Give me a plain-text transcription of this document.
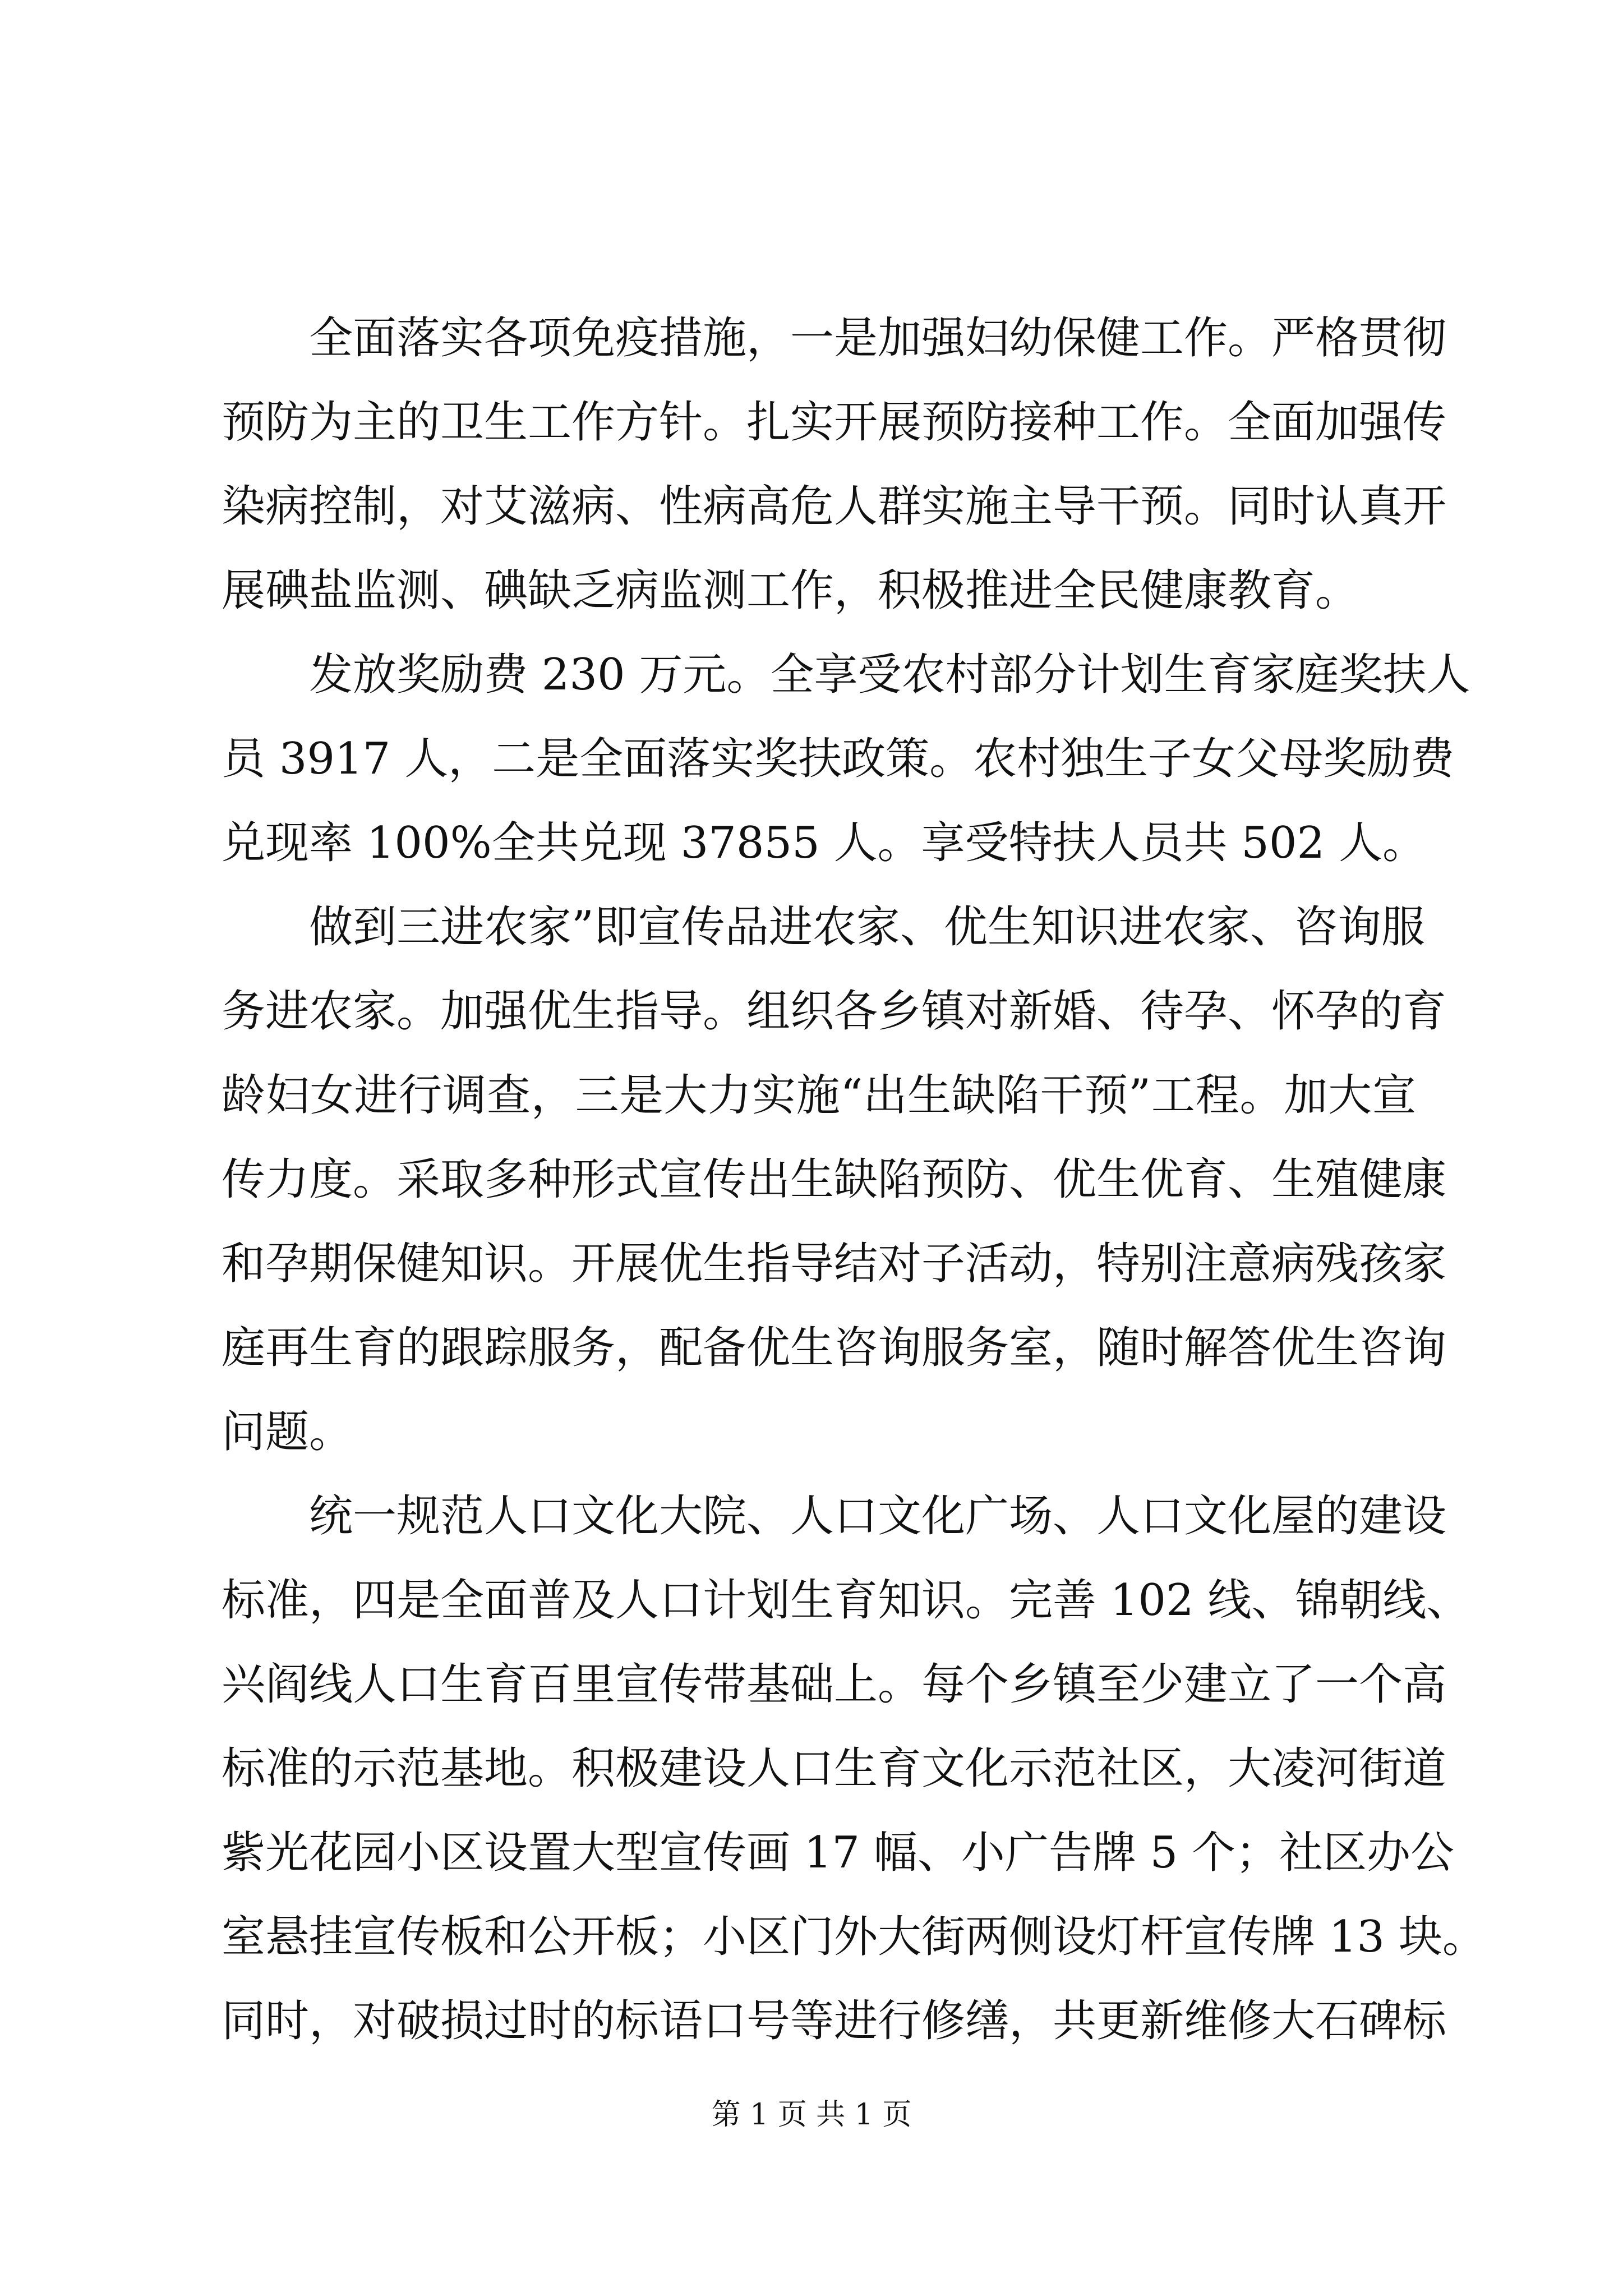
全面落实各项免疫措施，一是加强妇幼保健工作。严格贯彻
预防为主的卫生工作方针。扎实开展预防接种工作。全面加强传
染病控制，对艾滋病、性病高危人群实施主导干预。同时认真开
展碘盐监测、碘缺乏病监测工作，积极推进全民健康教育。
发放奖励费 230 万元。全享受农村部分计划生育家庭奖扶人
员 3917 人，二是全面落实奖扶政策。农村独生子女父母奖励费
兑现率 100%全共兑现 37855 人。享受特扶人员共 502 人。
做到三进农家”即宣传品进农家、优生知识进农家、咨询服
务进农家。加强优生指导。组织各乡镇对新婚、待孕、怀孕的育
龄妇女进行调查，三是大力实施“出生缺陷干预”工程。加大宣
传力度。采取多种形式宣传出生缺陷预防、优生优育、生殖健康
和孕期保健知识。开展优生指导结对子活动，特别注意病残孩家
庭再生育的跟踪服务，配备优生咨询服务室，随时解答优生咨询
问题。
统一规范人口文化大院、人口文化广场、人口文化屋的建设
标准，四是全面普及人口计划生育知识。完善 102 线、锦朝线、
兴阎线人口生育百里宣传带基础上。每个乡镇至少建立了一个高
标准的示范基地。积极建设人口生育文化示范社区，大凌河街道
紫光花园小区设置大型宣传画 17 幅、小广告牌 5 个；社区办公
室悬挂宣传板和公开板；小区门外大街两侧设灯杆宣传牌 13 块。
同时，对破损过时的标语口号等进行修缮，共更新维修大石碑标
第 1 页 共 1 页
